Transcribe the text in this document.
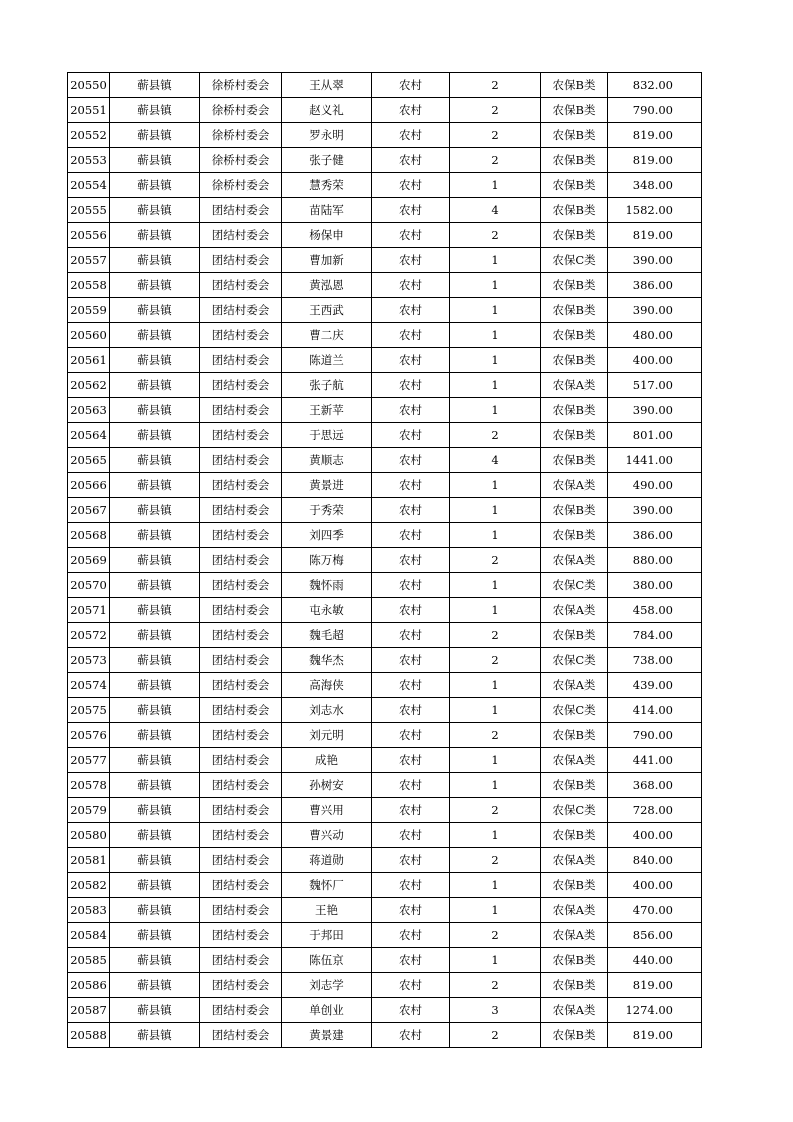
20550	蕲县镇	徐桥村委会	王从翠	农村	2	农保B类	832.00
20551	蕲县镇	徐桥村委会	赵义礼	农村	2	农保B类	790.00
20552	蕲县镇	徐桥村委会	罗永明	农村	2	农保B类	819.00
20553	蕲县镇	徐桥村委会	张子健	农村	2	农保B类	819.00
20554	蕲县镇	徐桥村委会	慧秀荣	农村	1	农保B类	348.00
20555	蕲县镇	团结村委会	苗陆军	农村	4	农保B类	1582.00
20556	蕲县镇	团结村委会	杨保申	农村	2	农保B类	819.00
20557	蕲县镇	团结村委会	曹加新	农村	1	农保C类	390.00
20558	蕲县镇	团结村委会	黄泓恩	农村	1	农保B类	386.00
20559	蕲县镇	团结村委会	王西武	农村	1	农保B类	390.00
20560	蕲县镇	团结村委会	曹二庆	农村	1	农保B类	480.00
20561	蕲县镇	团结村委会	陈道兰	农村	1	农保B类	400.00
20562	蕲县镇	团结村委会	张子航	农村	1	农保A类	517.00
20563	蕲县镇	团结村委会	王新苹	农村	1	农保B类	390.00
20564	蕲县镇	团结村委会	于思远	农村	2	农保B类	801.00
20565	蕲县镇	团结村委会	黄顺志	农村	4	农保B类	1441.00
20566	蕲县镇	团结村委会	黄景进	农村	1	农保A类	490.00
20567	蕲县镇	团结村委会	于秀荣	农村	1	农保B类	390.00
20568	蕲县镇	团结村委会	刘四季	农村	1	农保B类	386.00
20569	蕲县镇	团结村委会	陈万梅	农村	2	农保A类	880.00
20570	蕲县镇	团结村委会	魏怀雨	农村	1	农保C类	380.00
20571	蕲县镇	团结村委会	屯永敏	农村	1	农保A类	458.00
20572	蕲县镇	团结村委会	魏毛超	农村	2	农保B类	784.00
20573	蕲县镇	团结村委会	魏华杰	农村	2	农保C类	738.00
20574	蕲县镇	团结村委会	高海侠	农村	1	农保A类	439.00
20575	蕲县镇	团结村委会	刘志水	农村	1	农保C类	414.00
20576	蕲县镇	团结村委会	刘元明	农村	2	农保B类	790.00
20577	蕲县镇	团结村委会	成艳	农村	1	农保A类	441.00
20578	蕲县镇	团结村委会	孙树安	农村	1	农保B类	368.00
20579	蕲县镇	团结村委会	曹兴用	农村	2	农保C类	728.00
20580	蕲县镇	团结村委会	曹兴动	农村	1	农保B类	400.00
20581	蕲县镇	团结村委会	蒋道勋	农村	2	农保A类	840.00
20582	蕲县镇	团结村委会	魏怀厂	农村	1	农保B类	400.00
20583	蕲县镇	团结村委会	王艳	农村	1	农保A类	470.00
20584	蕲县镇	团结村委会	于邦田	农村	2	农保A类	856.00
20585	蕲县镇	团结村委会	陈伍京	农村	1	农保B类	440.00
20586	蕲县镇	团结村委会	刘志学	农村	2	农保B类	819.00
20587	蕲县镇	团结村委会	单创业	农村	3	农保A类	1274.00
20588	蕲县镇	团结村委会	黄景建	农村	2	农保B类	819.00
